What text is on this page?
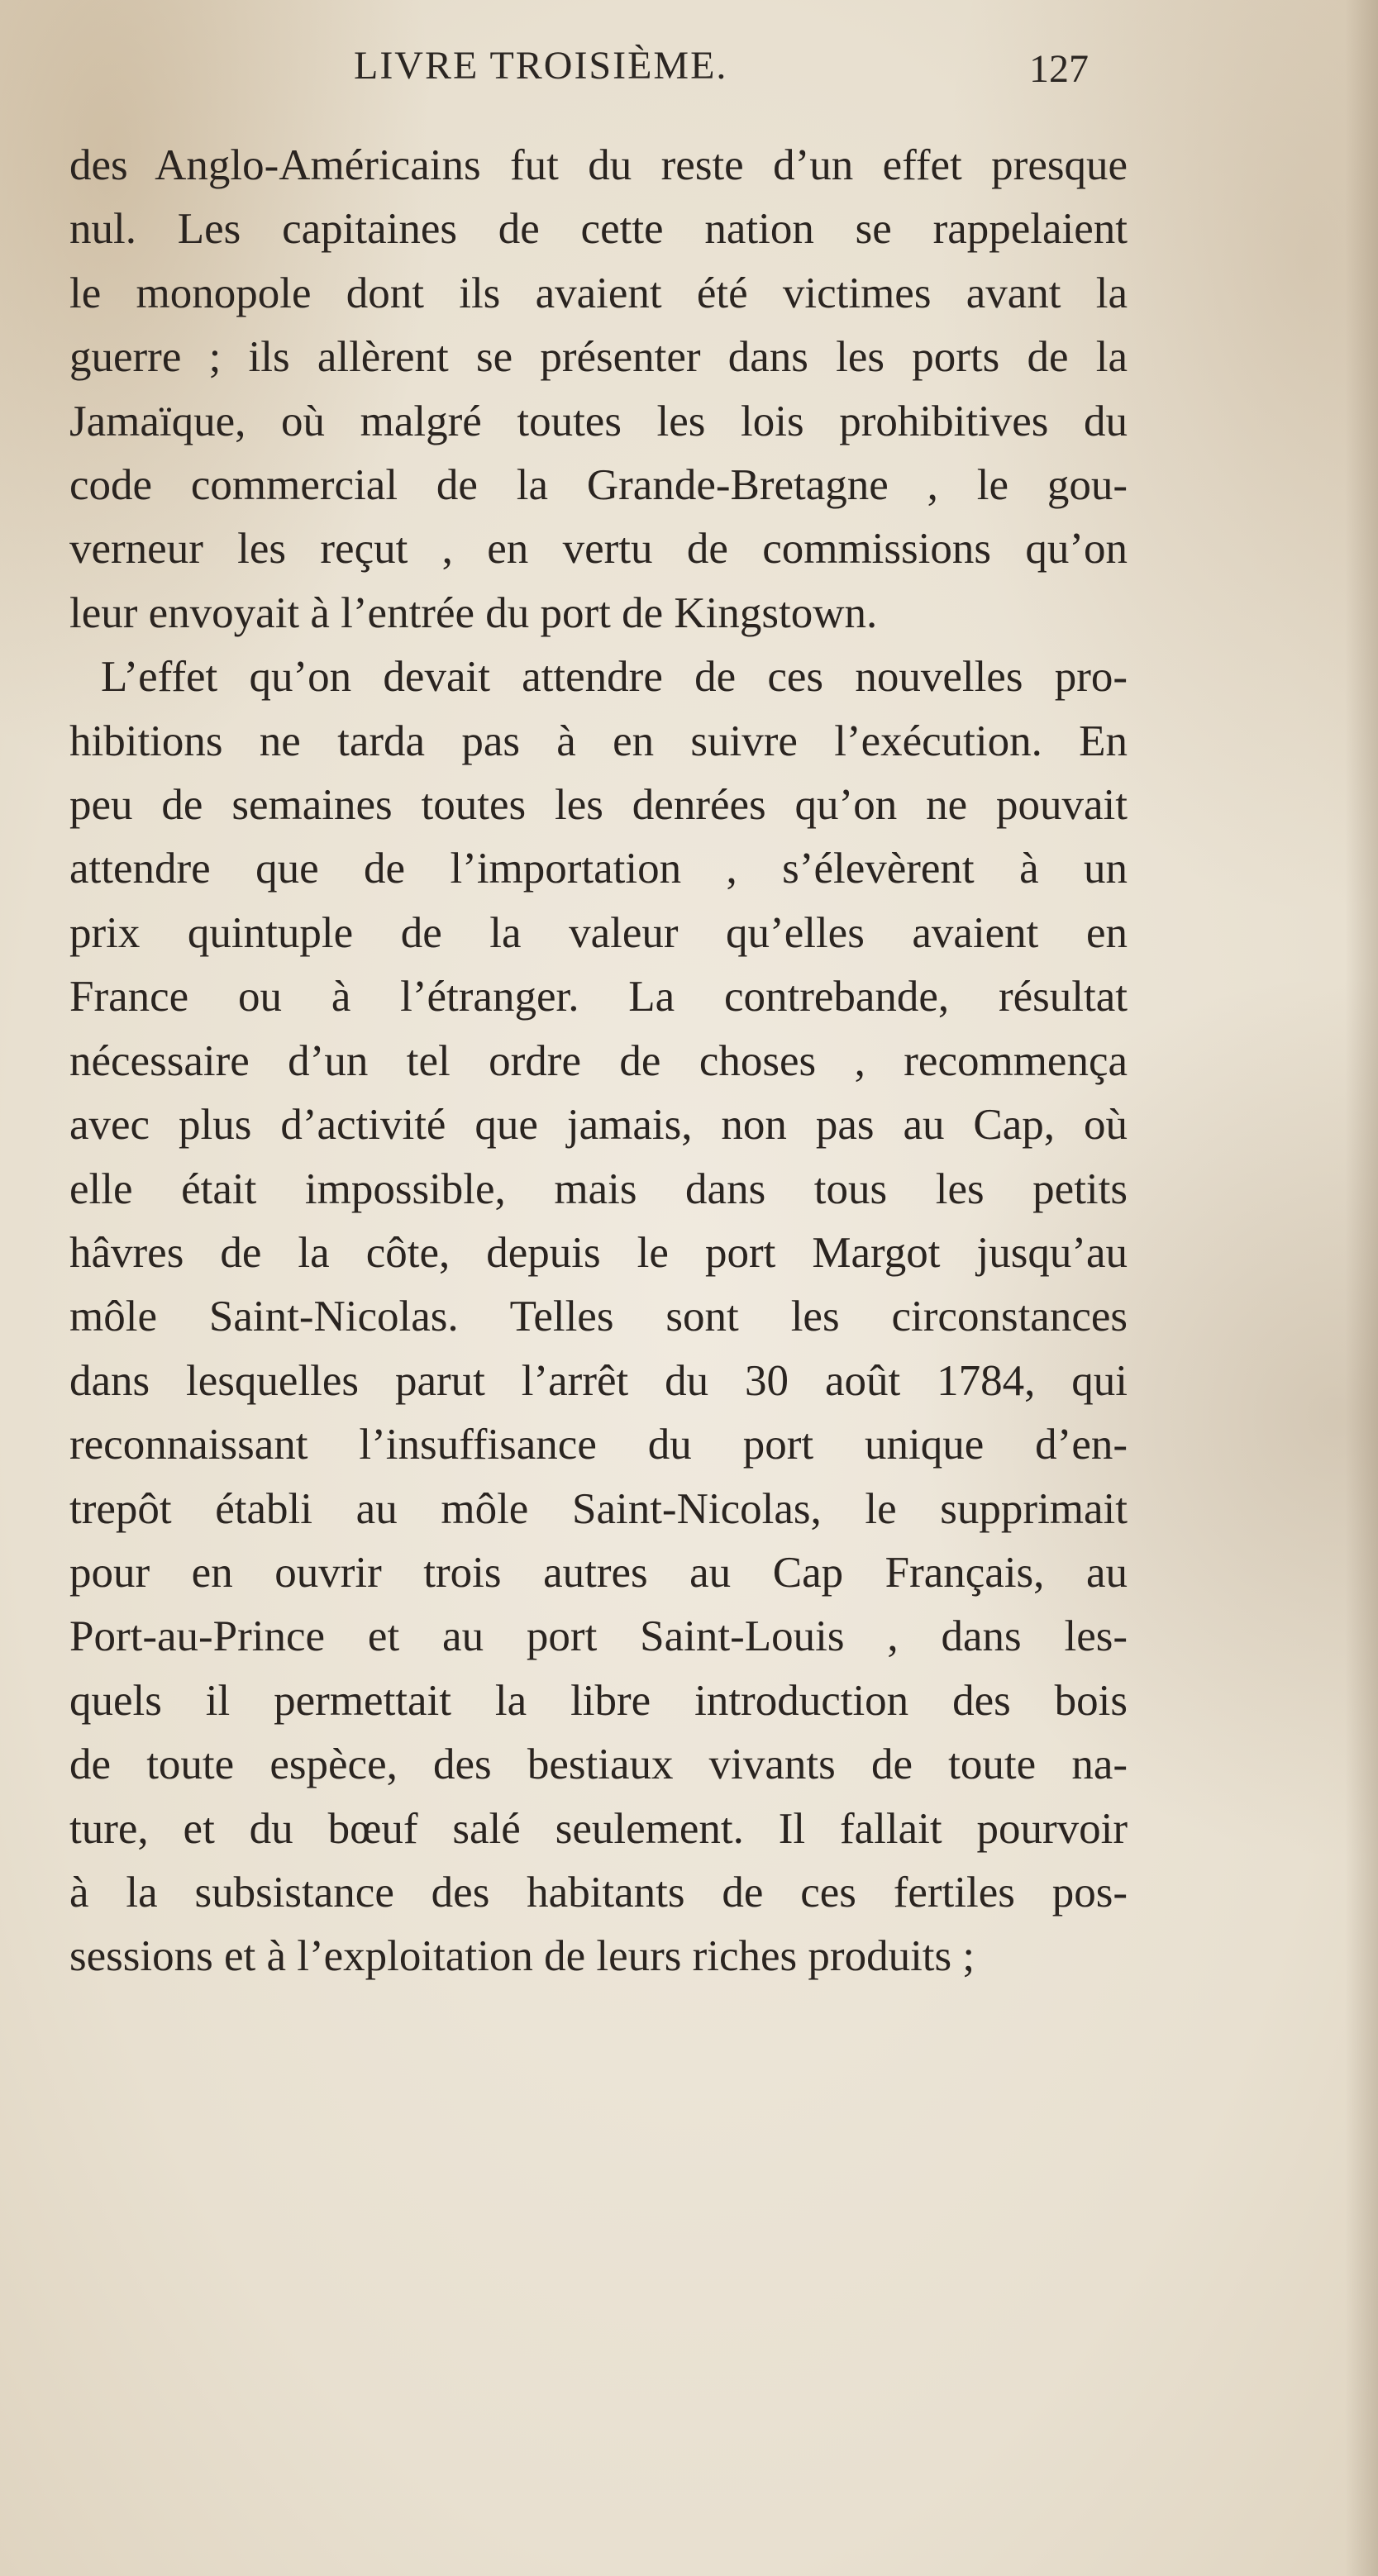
LIVRE TROISIÈME.	127
des Anglo-Américains fut du reste d’un effet presque
nul. Les capitaines de cette nation se rappelaient
le monopole dont ils avaient été victimes avant la
guerre ; ils allèrent se présenter dans les ports de la
Jamaïque, où malgré toutes les lois prohibitives du
code commercial de la Grande-Bretagne , le gou-
verneur les reçut , en vertu de commissions qu’on
leur envoyait à l’entrée du port de Kingstown.
L’effet qu’on devait attendre de ces nouvelles pro-
hibitions ne tarda pas à en suivre l’exécution. En
peu de semaines toutes les denrées qu’on ne pouvait
attendre que de l’importation , s’élevèrent à un
prix quintuple de la valeur qu’elles avaient en
France ou à l’étranger. La contrebande, résultat
nécessaire d’un tel ordre de choses , recommença
avec plus d’activité que jamais, non pas au Cap, où
elle était impossible, mais dans tous les petits
hâvres de la côte, depuis le port Margot jusqu’au
môle Saint-Nicolas. Telles sont les circonstances
dans lesquelles parut l’arrêt du 30 août 1784, qui
reconnaissant l’insuffisance du port unique d’en-
trepôt établi au môle Saint-Nicolas, le supprimait
pour en ouvrir trois autres au Cap Français, au
Port-au-Prince et au port Saint-Louis , dans les-
quels il permettait la libre introduction des bois
de toute espèce, des bestiaux vivants de toute na-
ture, et du bœuf salé seulement. Il fallait pourvoir
à la subsistance des habitants de ces fertiles pos-
sessions et à l’exploitation de leurs riches produits ;
